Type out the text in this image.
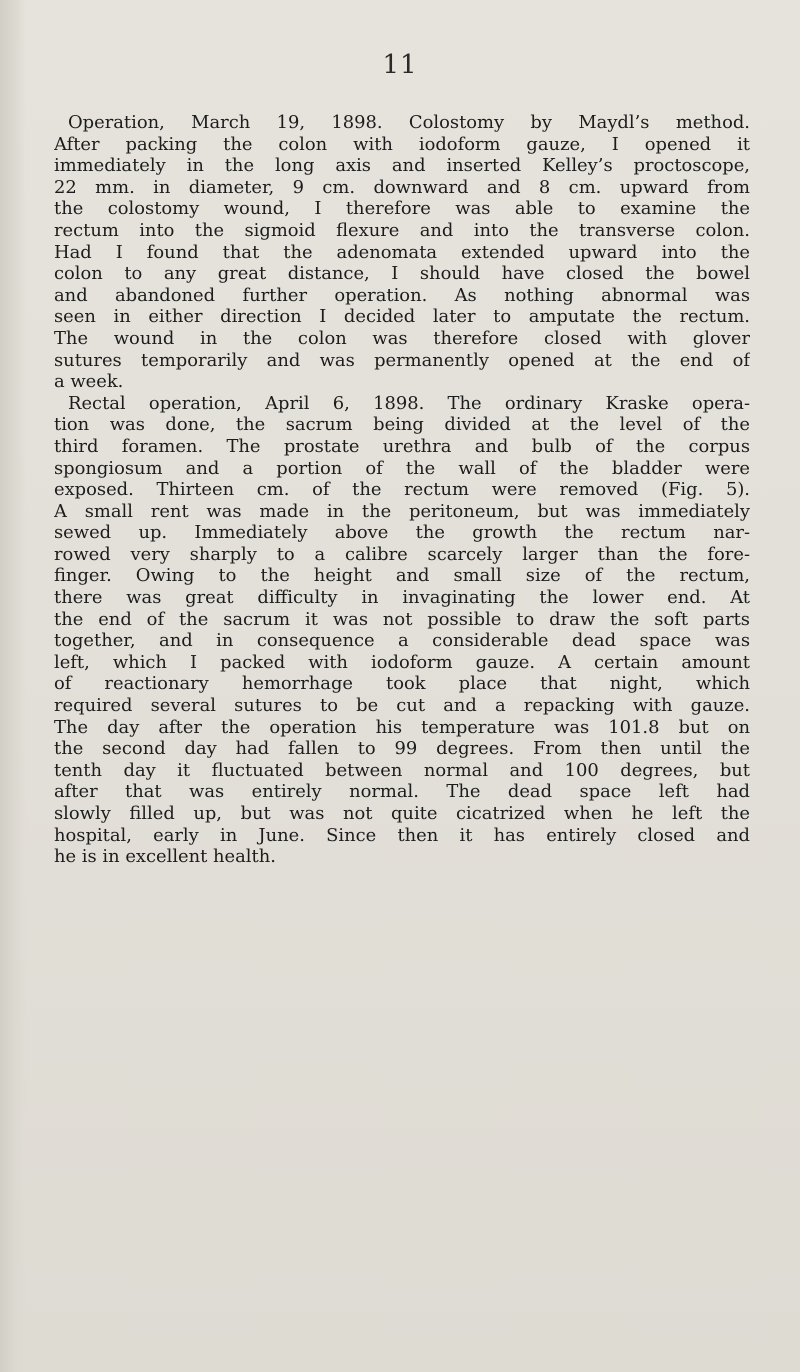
11
Operation, March 19, 1898. Colostomy by Maydl’s method.
After packing the colon with iodoform gauze, I opened it
immediately in the long axis and inserted Kelley’s proctoscope,
22 mm. in diameter, 9 cm. downward and 8 cm. upward from
the colostomy wound, I therefore was able to examine the
rectum into the sigmoid flexure and into the transverse colon.
Had I found that the adenomata extended upward into the
colon to any great distance, I should have closed the bowel
and abandoned further operation. As nothing abnormal was
seen in either direction I decided later to amputate the rectum.
The wound in the colon was therefore closed with glover
sutures temporarily and was permanently opened at the end of
a week.
Rectal operation, April 6, 1898. The ordinary Kraske opera-
tion was done, the sacrum being divided at the level of the
third foramen. The prostate urethra and bulb of the corpus
spongiosum and a portion of the wall of the bladder were
exposed. Thirteen cm. of the rectum were removed (Fig. 5).
A small rent was made in the peritoneum, but was immediately
sewed up. Immediately above the growth the rectum nar-
rowed very sharply to a calibre scarcely larger than the fore-
finger. Owing to the height and small size of the rectum,
there was great difficulty in invaginating the lower end. At
the end of the sacrum it was not possible to draw the soft parts
together, and in consequence a considerable dead space was
left, which I packed with iodoform gauze. A certain amount
of reactionary hemorrhage took place that night, which
required several sutures to be cut and a repacking with gauze.
The day after the operation his temperature was 101.8 but on
the second day had fallen to 99 degrees. From then until the
tenth day it fluctuated between normal and 100 degrees, but
after that was entirely normal. The dead space left had
slowly filled up, but was not quite cicatrized when he left the
hospital, early in June. Since then it has entirely closed and
he is in excellent health.
